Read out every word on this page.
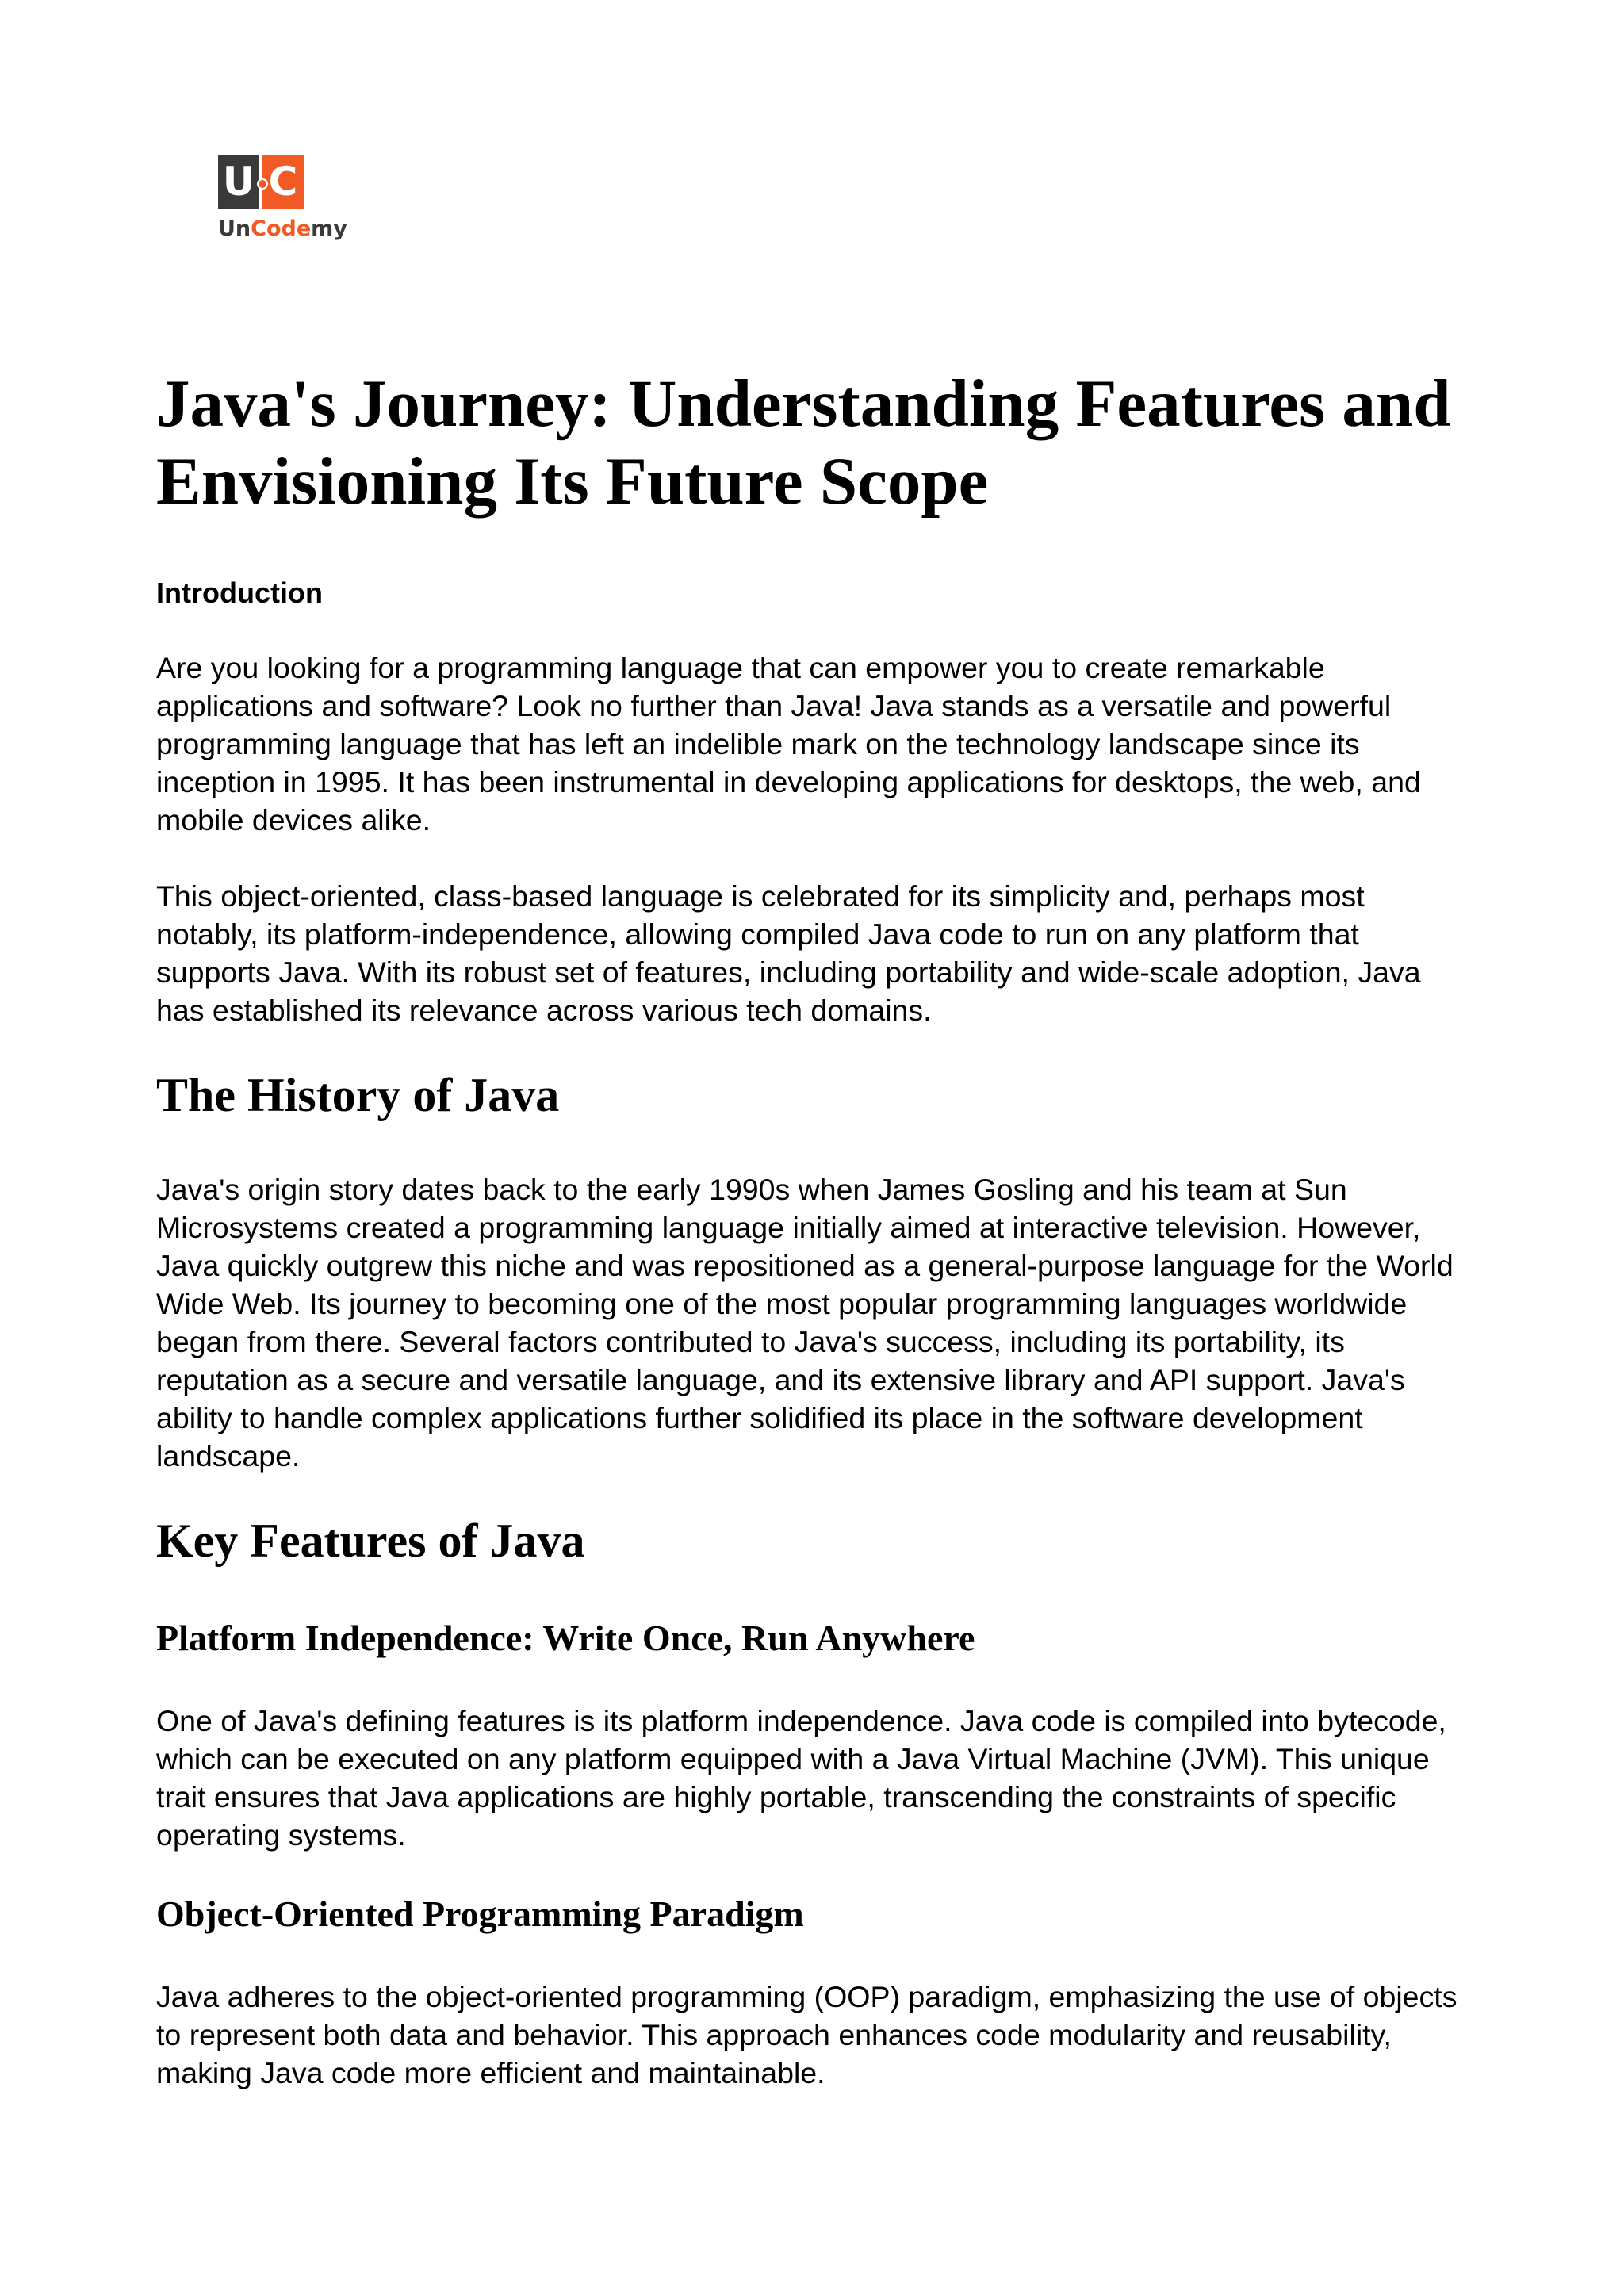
U C
UnCodemy
Java's Journey: Understanding Features and Envisioning Its Future Scope
Introduction

Are you looking for a programming language that can empower you to create remarkable applications and software? Look no further than Java! Java stands as a versatile and powerful programming language that has left an indelible mark on the technology landscape since its inception in 1995. It has been instrumental in developing applications for desktops, the web, and mobile devices alike.

This object-oriented, class-based language is celebrated for its simplicity and, perhaps most notably, its platform-independence, allowing compiled Java code to run on any platform that supports Java. With its robust set of features, including portability and wide-scale adoption, Java has established its relevance across various tech domains.

The History of Java

Java's origin story dates back to the early 1990s when James Gosling and his team at Sun Microsystems created a programming language initially aimed at interactive television. However, Java quickly outgrew this niche and was repositioned as a general-purpose language for the World Wide Web. Its journey to becoming one of the most popular programming languages worldwide began from there. Several factors contributed to Java's success, including its portability, its reputation as a secure and versatile language, and its extensive library and API support. Java's ability to handle complex applications further solidified its place in the software development landscape.

Key Features of Java
Platform Independence: Write Once, Run Anywhere

One of Java's defining features is its platform independence. Java code is compiled into bytecode, which can be executed on any platform equipped with a Java Virtual Machine (JVM). This unique trait ensures that Java applications are highly portable, transcending the constraints of specific operating systems.

Object-Oriented Programming Paradigm

Java adheres to the object-oriented programming (OOP) paradigm, emphasizing the use of objects to represent both data and behavior. This approach enhances code modularity and reusability, making Java code more efficient and maintainable.
